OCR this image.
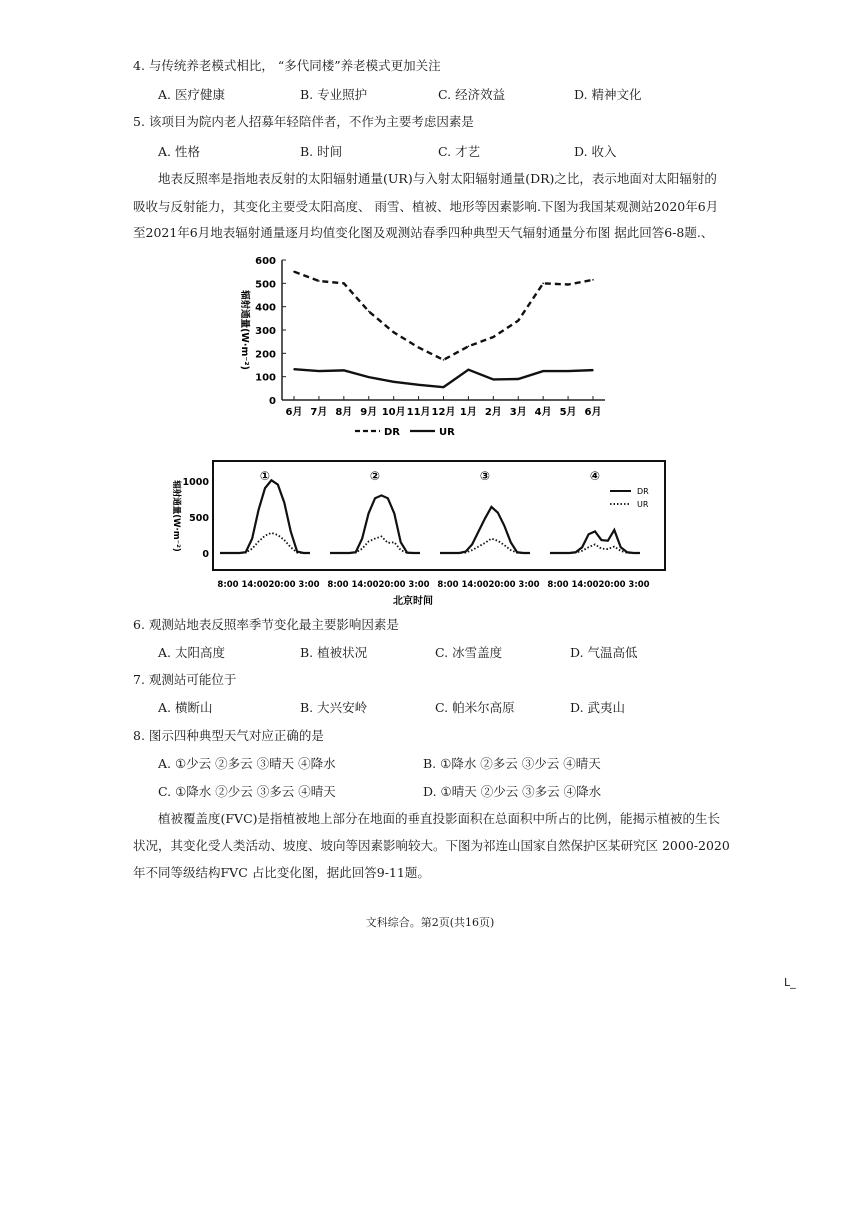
4. 与传统养老模式相比， “多代同楼”养老模式更加关注
A. 医疗健康	B. 专业照护	C. 经济效益	D. 精神文化
5. 该项目为院内老人招募年轻陪伴者，不作为主要考虑因素是
A. 性格	B. 时间	C. 才艺	D. 收入
地表反照率是指地表反射的太阳辐射通量(UR)与入射太阳辐射通量(DR)之比，表示地面对太阳辐射的
吸收与反射能力，其变化主要受太阳高度、 雨雪、植被、地形等因素影响.下图为我国某观测站2020年6月
至2021年6月地表辐射通量逐月均值变化图及观测站春季四种典型天气辐射通量分布图 据此回答6-8题.、
0
100
200
300
400
500
600
6月 7月 8月 9月 10月 11月 12月 1月 2月 3月 4月 5月 6月
辐射通量(W·m⁻²)
DR	UR
0
500
1000
辐射通量(W·m⁻²)
①
8:00 14:00 20:00 3:00
②
8:00 14:00 20:00 3:00
③
8:00 14:00 20:00 3:00
④
8:00 14:00 20:00 3:00
DR
UR
北京时间
6. 观测站地表反照率季节变化最主要影响因素是
A. 太阳高度	B. 植被状况	C. 冰雪盖度	D. 气温高低
7. 观测站可能位于
A. 横断山	B. 大兴安岭	C. 帕米尔高原	D. 武夷山
8. 图示四种典型天气对应正确的是
A. ①少云 ②多云 ③晴天 ④降水	B. ①降水 ②多云 ③少云 ④晴天
C. ①降水 ②少云 ③多云 ④晴天	D. ①晴天 ②少云 ③多云 ④降水
植被覆盖度(FVC)是指植被地上部分在地面的垂直投影面积在总面积中所占的比例，能揭示植被的生长
状况，其变化受人类活动、坡度、坡向等因素影响较大。下图为祁连山国家自然保护区某研究区 2000-2020
年不同等级结构FVC 占比变化图，据此回答9-11题。
文科综合。第2页(共16页)
L_
